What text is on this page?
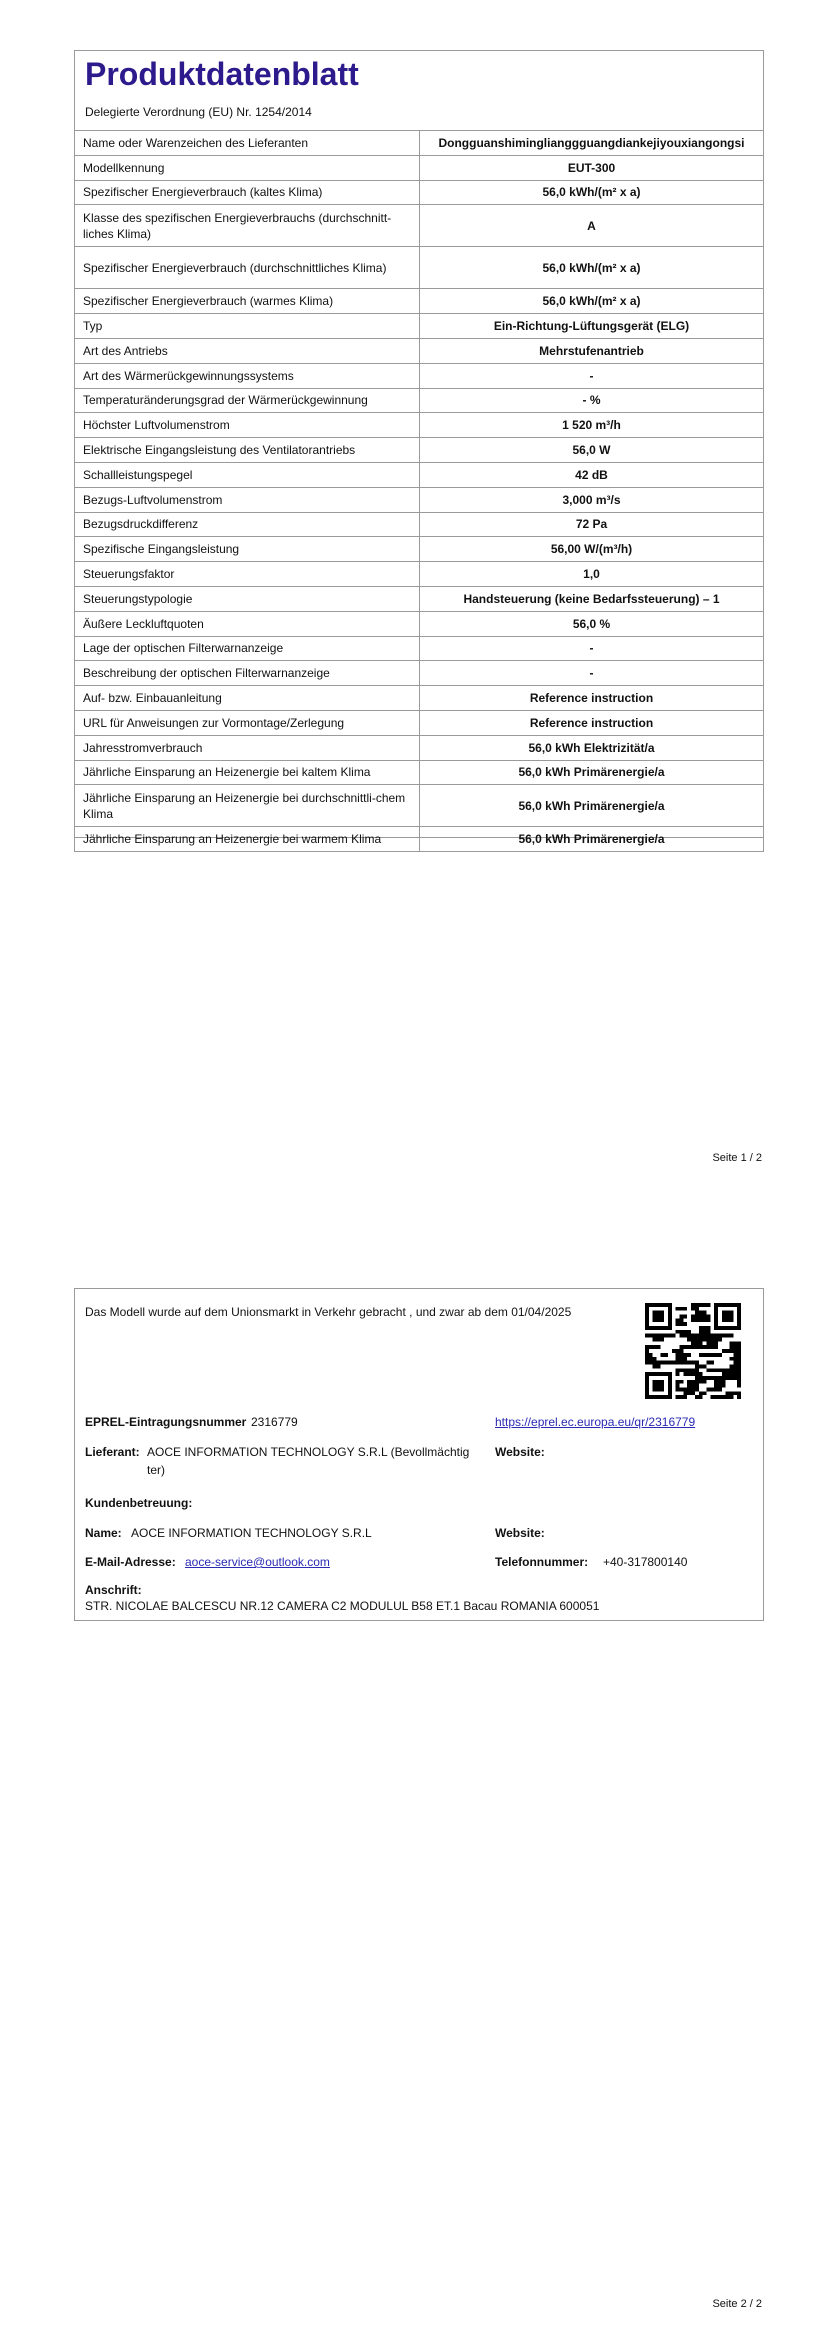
Produktdatenblatt
Delegierte Verordnung (EU) Nr. 1254/2014
Name oder Warenzeichen des Lieferanten	Dongguanshiminglianggguangdiankejiyouxiangongsi
Modellkennung	EUT-300
Spezifischer Energieverbrauch (kaltes Klima)	56,0 kWh/(m² x a)
Klasse des spezifischen Energieverbrauchs (durchschnitt-liches Klima)	A
Spezifischer Energieverbrauch (durchschnittliches Klima)	56,0 kWh/(m² x a)
Spezifischer Energieverbrauch (warmes Klima)	56,0 kWh/(m² x a)
Typ	Ein-Richtung-Lüftungsgerät (ELG)
Art des Antriebs	Mehrstufenantrieb
Art des Wärmerückgewinnungssystems	-
Temperaturänderungsgrad der Wärmerückgewinnung	- %
Höchster Luftvolumenstrom	1 520 m³/h
Elektrische Eingangsleistung des Ventilatorantriebs	56,0 W
Schallleistungspegel	42 dB
Bezugs-Luftvolumenstrom	3,000 m³/s
Bezugsdruckdifferenz	72 Pa
Spezifische Eingangsleistung	56,00 W/(m³/h)
Steuerungsfaktor	1,0
Steuerungstypologie	Handsteuerung (keine Bedarfssteuerung) – 1
Äußere Leckluftquoten	56,0 %
Lage der optischen Filterwarnanzeige	-
Beschreibung der optischen Filterwarnanzeige	-
Auf- bzw. Einbauanleitung	Reference instruction
URL für Anweisungen zur Vormontage/Zerlegung	Reference instruction
Jahresstromverbrauch	56,0 kWh Elektrizität/a
Jährliche Einsparung an Heizenergie bei kaltem Klima	56,0 kWh Primärenergie/a
Jährliche Einsparung an Heizenergie bei durchschnittli-chem Klima	56,0 kWh Primärenergie/a
Jährliche Einsparung an Heizenergie bei warmem Klima	56,0 kWh Primärenergie/a
Seite 1 / 2
Das Modell wurde auf dem Unionsmarkt in Verkehr gebracht , und zwar ab dem 01/04/2025
EPREL-Eintragungsnummer 2316779	https://eprel.ec.europa.eu/qr/2316779
Lieferant: AOCE INFORMATION TECHNOLOGY S.R.L (Bevollmächtig ter)
Website:
Kundenbetreuung:
Name: AOCE INFORMATION TECHNOLOGY S.R.L	Website:
E-Mail-Adresse: aoce-service@outlook.com	Telefonnummer: +40-317800140
Anschrift:
STR. NICOLAE BALCESCU NR.12 CAMERA C2 MODULUL B58 ET.1 Bacau ROMANIA 600051
Seite 2 / 2
